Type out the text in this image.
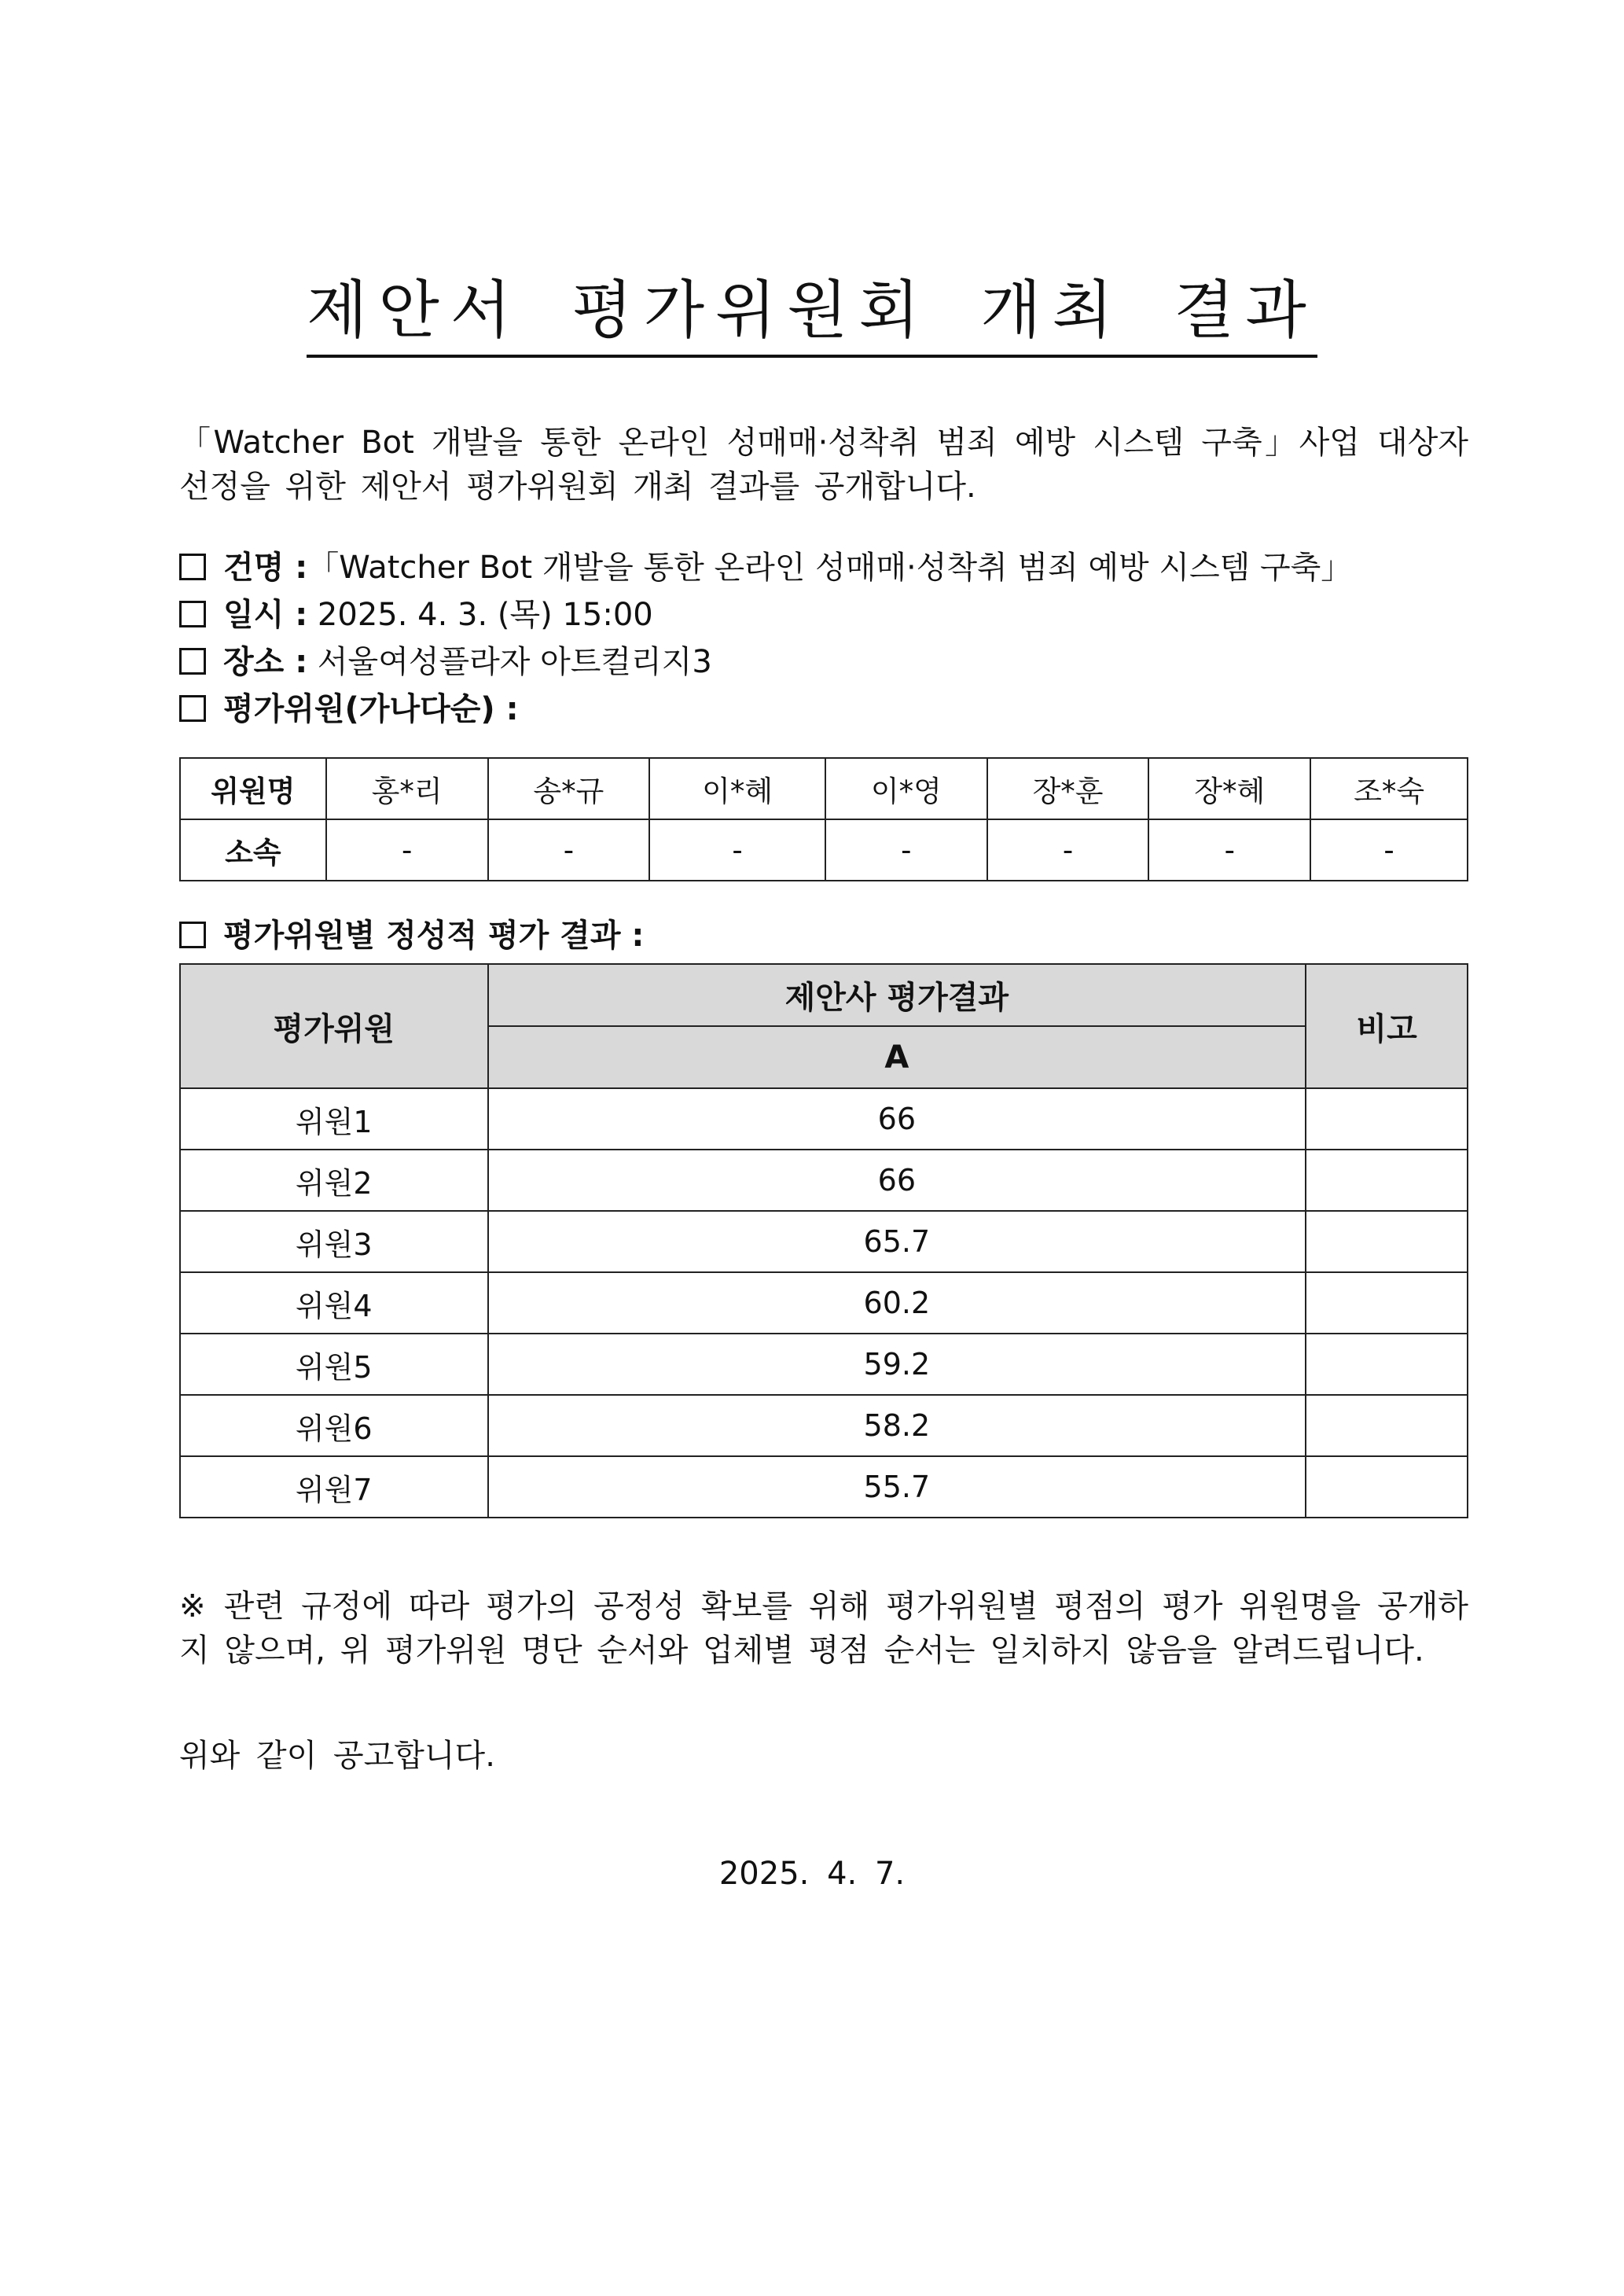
제안서 평가위원회 개최 결과
「Watcher Bot 개발을 통한 온라인 성매매·성착취 범죄 예방 시스템 구축」사업 대상자 선정을 위한 제안서 평가위원회 개최 결과를 공개합니다.
건명 :「Watcher Bot 개발을 통한 온라인 성매매·성착취 범죄 예방 시스템 구축」
일시 : 2025. 4. 3. (목) 15:00
장소 : 서울여성플라자 아트컬리지3
평가위원(가나다순) :
위원명	홍*리	송*규	이*혜	이*영	장*훈	장*혜	조*숙
소속	-	-	-	-	-	-	-
평가위원별 정성적 평가 결과 :
평가위원	제안사 평가결과	비고
	A	
위원1	66	
위원2	66	
위원3	65.7	
위원4	60.2	
위원5	59.2	
위원6	58.2	
위원7	55.7	
※ 관련 규정에 따라 평가의 공정성 확보를 위해 평가위원별 평점의 평가 위원명을 공개하지 않으며, 위 평가위원 명단 순서와 업체별 평점 순서는 일치하지 않음을 알려드립니다.
위와 같이 공고합니다.
2025. 4. 7.
